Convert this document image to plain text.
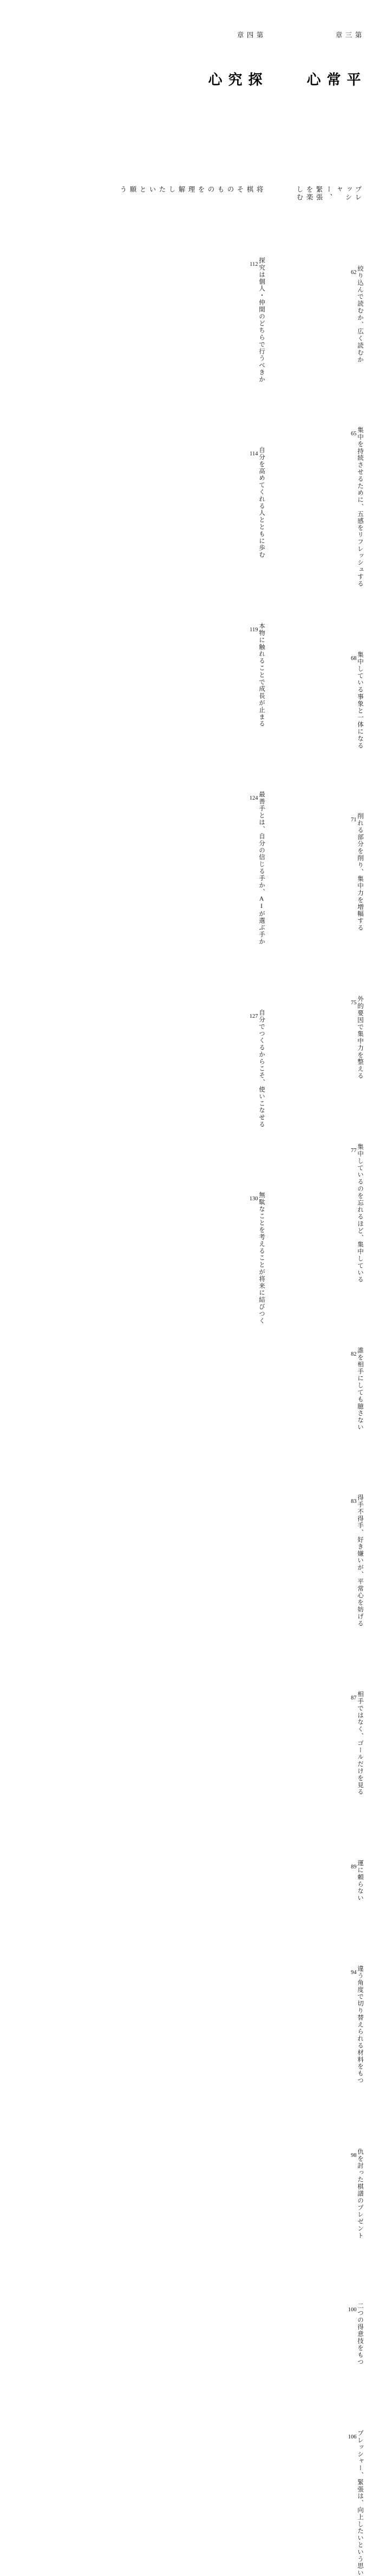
第三章
平常心
プレッシャー、緊張を楽しむ
絞り込んで読むか、広く読むか
62
集中を持続させるために、五感をリフレッシュする
65
集中している事象と一体になる
68
削れる部分を削り、集中力を増幅する
71
外的要因で集中力を整える
75
集中しているのを忘れるほど、集中している
77
誰を相手にしても臆さない
82
得手不得手、好き嫌いが、平常心を妨げる
83
相手ではなく、ゴールだけを見る
87
運に頼らない
89
違う角度で切り替えられる材料をもつ
94
仇を討った棋譜のプレゼント
98
二つの得意技をもつ
100
プレッシャー、緊張は、向上したいという思い
106
第四章
探究心
将棋そのものを理解したいと願う
探究は個人・仲間のどちらで行うべきか
112
自分を高めてくれる人とともに歩む
114
本物に触れることで成長が止まる
119
最善手とは、自分の信じる手か、AIが選ぶ手か
124
自分でつくるからこそ、使いこなせる
127
無駄なことを考えることが将来に結びつく
130
